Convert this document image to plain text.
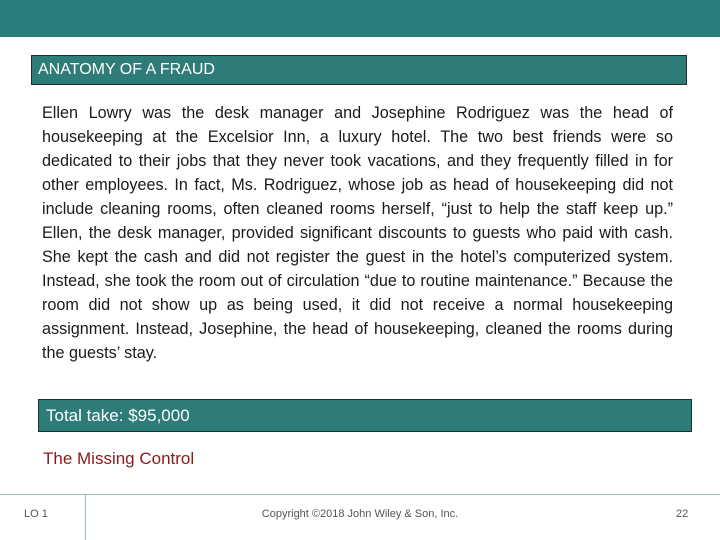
ANATOMY OF A FRAUD

Ellen Lowry was the desk manager and Josephine Rodriguez was the head of housekeeping at the Excelsior Inn, a luxury hotel. The two best friends were so dedicated to their jobs that they never took vacations, and they frequently filled in for other employees. In fact, Ms. Rodriguez, whose job as head of housekeeping did not include cleaning rooms, often cleaned rooms herself, “just to help the staff keep up.” Ellen, the desk manager, provided significant discounts to guests who paid with cash. She kept the cash and did not register the guest in the hotel’s computerized system. Instead, she took the room out of circulation “due to routine maintenance.” Because the room did not show up as being used, it did not receive a normal housekeeping assignment. Instead, Josephine, the head of housekeeping, cleaned the rooms during the guests’ stay.

Total take: $95,000
The Missing Control
LO 1	Copyright ©2018 John Wiley & Son, Inc.	22
